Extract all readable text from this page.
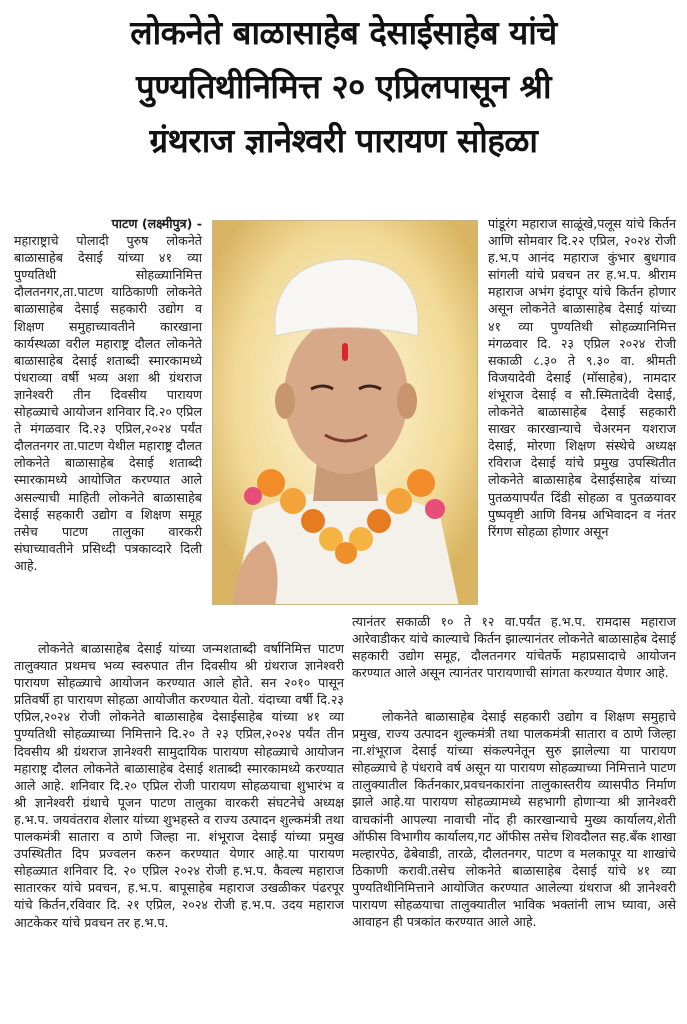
लोकनेते बाळासाहेब देसाईसाहेब यांचे
पुण्यतिथीनिमित्त २० एप्रिलपासून श्री
ग्रंथराज ज्ञानेश्वरी पारायण सोहळा

पाटण (लक्ष्मीपुत्र) -
महाराष्ट्राचे पोलादी पुरुष लोकनेते बाळासाहेब देसाई यांच्या ४१ व्या पुण्यतिथी सोहळ्यानिमित्त दौलतनगर,ता.पाटण याठिकाणी लोकनेते बाळासाहेब देसाई सहकारी उद्योग व शिक्षण समुहाच्यावतीने कारखाना कार्यस्थळा वरील महाराष्ट्र दौलत लोकनेते बाळासाहेब देसाई शताब्दी स्मारकामध्ये पंधराव्या वर्षी भव्य अशा श्री ग्रंथराज ज्ञानेश्वरी तीन दिवसीय पारायण सोहळ्याचे आयोजन शनिवार दि.२० एप्रिल ते मंगळवार दि.२३ एप्रिल,२०२४ पर्यंत दौलतनगर ता.पाटण येथील महाराष्ट्र दौलत लोकनेते बाळासाहेब देसाई शताब्दी स्मारकामध्ये आयोजित करण्यात आले असल्याची माहिती लोकनेते बाळासाहेब देसाई सहकारी उद्योग व शिक्षण समूह तसेच पाटण तालुका वारकरी संघाच्यावतीने प्रसिध्दी पत्रकाव्दारे दिली आहे.

पांडूरंग महाराज साळूंखे,पलूस यांचे किर्तन आणि सोमवार दि.२२ एप्रिल, २०२४ रोजी ह.भ.प आनंद महाराज कुंभार बुधगाव सांगली यांचे प्रवचन तर ह.भ.प. श्रीराम महाराज अभंग इंदापूर यांचे किर्तन होणार असून लोकनेते बाळासाहेब देसाई यांच्या ४१ व्या पुण्यतिथी सोहळ्यानिमित्त मंगळवार दि. २३ एप्रिल २०२४ रोजी सकाळी ८.३० ते ९.३० वा. श्रीमती विजयादेवी देसाई (मॉसाहेब), नामदार शंभूराज देसाई व सौ.स्मितादेवी देसाई, लोकनेते बाळासाहेब देसाई सहकारी साखर कारखान्याचे चेअरमन यशराज देसाई, मोरणा शिक्षण संस्थेचे अध्यक्ष रविराज देसाई यांचे प्रमुख उपस्थितीत लोकनेते बाळासाहेब देसाईसाहेब यांच्या पुतळयापर्यंत दिंडी सोहळा व पुतळयावर पुष्पवृष्टी आणि विनम्र अभिवादन व नंतर रिंगण सोहळा होणार असून

लोकनेते बाळासाहेब देसाई यांच्या जन्मशताब्दी वर्षानिमित्त पाटण तालुक्यात प्रथमच भव्य स्वरुपात तीन दिवसीय श्री ग्रंथराज ज्ञानेश्वरी पारायण सोहळ्याचे आयोजन करण्यात आले होते. सन २०१० पासून प्रतिवर्षी हा पारायण सोहळा आयोजीत करण्यात येतो. यंदाच्या वर्षी दि.२३ एप्रिल,२०२४ रोजी लोकनेते बाळासाहेब देसाईसाहेब यांच्या ४१ व्या पुण्यतिथी सोहळ्याच्या निमित्ताने दि.२० ते २३ एप्रिल,२०२४ पर्यंत तीन दिवसीय श्री ग्रंथराज ज्ञानेश्वरी सामुदायिक पारायण सोहळ्याचे आयोजन महाराष्ट्र दौलत लोकनेते बाळासाहेब देसाई शताब्दी स्मारकामध्ये करण्यात आले आहे. शनिवार दि.२० एप्रिल रोजी पारायण सोहळयाचा शुभारंभ व श्री ज्ञानेश्वरी ग्रंथाचे पूजन पाटण तालुका वारकरी संघटनेचे अध्यक्ष ह.भ.प. जयवंतराव शेलार यांच्या शुभहस्ते व राज्य उत्पादन शुल्कमंत्री तथा पालकमंत्री सातारा व ठाणे जिल्हा ना. शंभूराज देसाई यांच्या प्रमुख उपस्थितीत दिप प्रज्वलन करुन करण्यात येणार आहे.या पारायण सोहळ्यात शनिवार दि. २० एप्रिल २०२४ रोजी ह.भ.प. कैवल्य महाराज सातारकर यांचे प्रवचन, ह.भ.प. बापूसाहेब महाराज उखळीकर पंढरपूर यांचे किर्तन,रविवार दि. २१ एप्रिल, २०२४ रोजी ह.भ.प. उदय महाराज आटकेकर यांचे प्रवचन तर ह.भ.प.

त्यानंतर सकाळी १० ते १२ वा.पर्यंत ह.भ.प. रामदास महाराज आरेवाडीकर यांचे काल्याचे किर्तन झाल्यानंतर लोकनेते बाळासाहेब देसाई सहकारी उद्योग समूह, दौलतनगर यांचेतर्फे महाप्रसादाचे आयोजन करण्यात आले असून त्यानंतर पारायणाची सांगता करण्यात येणार आहे.

लोकनेते बाळासाहेब देसाई सहकारी उद्योग व शिक्षण समुहाचे प्रमुख, राज्य उत्पादन शुल्कमंत्री तथा पालकमंत्री सातारा व ठाणे जिल्हा ना.शंभूराज देसाई यांच्या संकल्पनेतून सुरु झालेल्या या पारायण सोहळ्याचे हे पंधरावे वर्ष असून या पारायण सोहळ्याच्या निमित्ताने पाटण तालुक्यातील किर्तनकार,प्रवचनकारांना तालुकास्तरीय व्यासपीठ निर्माण झाले आहे.या पारायण सोहळ्यामध्ये सहभागी होणाऱ्या श्री ज्ञानेश्वरी वाचकांनी आपल्या नावाची नोंद ही कारखान्याचे मुख्य कार्यालय,शेती ऑफीस विभागीय कार्यालय,गट ऑफीस तसेच शिवदौलत सह.बँक शाखा मल्हारपेठ, ढेबेवाडी, तारळे, दौलतनगर, पाटण व मलकापूर या शाखांचे ठिकाणी करावी.तसेच लोकनेते बाळासाहेब देसाई यांचे ४१ व्या पुण्यतिथीनिमित्ताने आयोजित करण्यात आलेल्या ग्रंथराज श्री ज्ञानेश्वरी पारायण सोहळयाचा तालुक्यातील भाविक भक्तांनी लाभ घ्यावा, असे आवाहन ही पत्रकांत करण्यात आले आहे.
